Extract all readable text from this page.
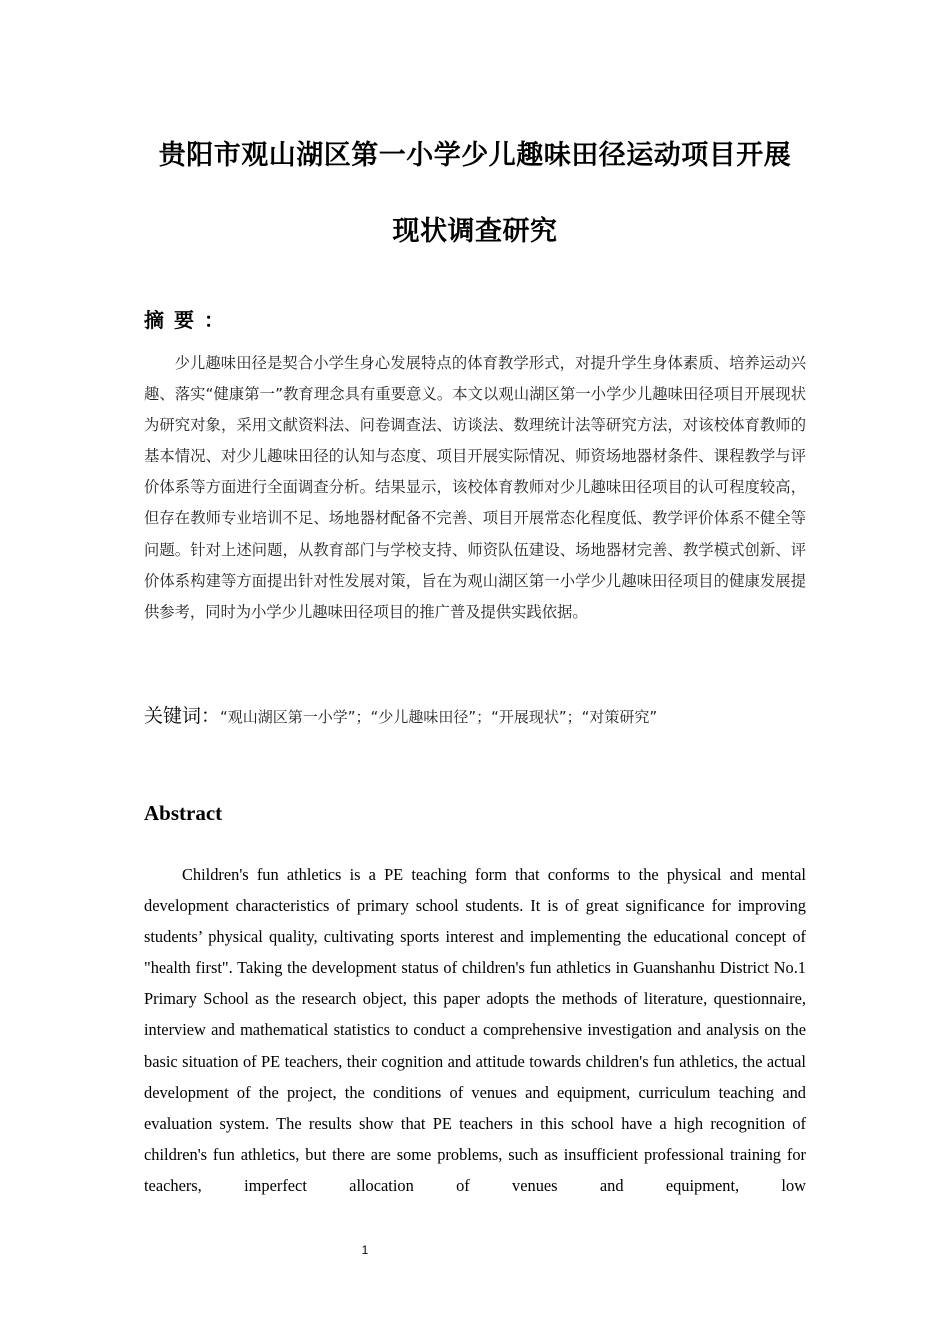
贵阳市观山湖区第一小学少儿趣味田径运动项目开展
现状调查研究
摘要：

少儿趣味田径是契合小学生身心发展特点的体育教学形式，对提升学生身体素质、培养运动兴趣、落实“健康第一”教育理念具有重要意义。本文以观山湖区第一小学少儿趣味田径项目开展现状为研究对象，采用文献资料法、问卷调查法、访谈法、数理统计法等研究方法，对该校体育教师的基本情况、对少儿趣味田径的认知与态度、项目开展实际情况、师资场地器材条件、课程教学与评价体系等方面进行全面调查分析。结果显示，该校体育教师对少儿趣味田径项目的认可程度较高，但存在教师专业培训不足、场地器材配备不完善、项目开展常态化程度低、教学评价体系不健全等问题。针对上述问题，从教育部门与学校支持、师资队伍建设、场地器材完善、教学模式创新、评价体系构建等方面提出针对性发展对策，旨在为观山湖区第一小学少儿趣味田径项目的健康发展提供参考，同时为小学少儿趣味田径项目的推广普及提供实践依据。

关键词：“观山湖区第一小学”；“少儿趣味田径”；“开展现状”；“对策研究”

Abstract

Children's fun athletics is a PE teaching form that conforms to the physical and mental development characteristics of primary school students. It is of great significance for improving students’ physical quality, cultivating sports interest and implementing the educational concept of "health first". Taking the development status of children's fun athletics in Guanshanhu District No.1 Primary School as the research object, this paper adopts the methods of literature, questionnaire, interview and mathematical statistics to conduct a comprehensive investigation and analysis on the basic situation of PE teachers, their cognition and attitude towards children's fun athletics, the actual development of the project, the conditions of venues and equipment, curriculum teaching and evaluation system. The results show that PE teachers in this school have a high recognition of children's fun athletics, but there are some problems, such as insufficient professional training for teachers, imperfect allocation of venues and equipment, low

1
